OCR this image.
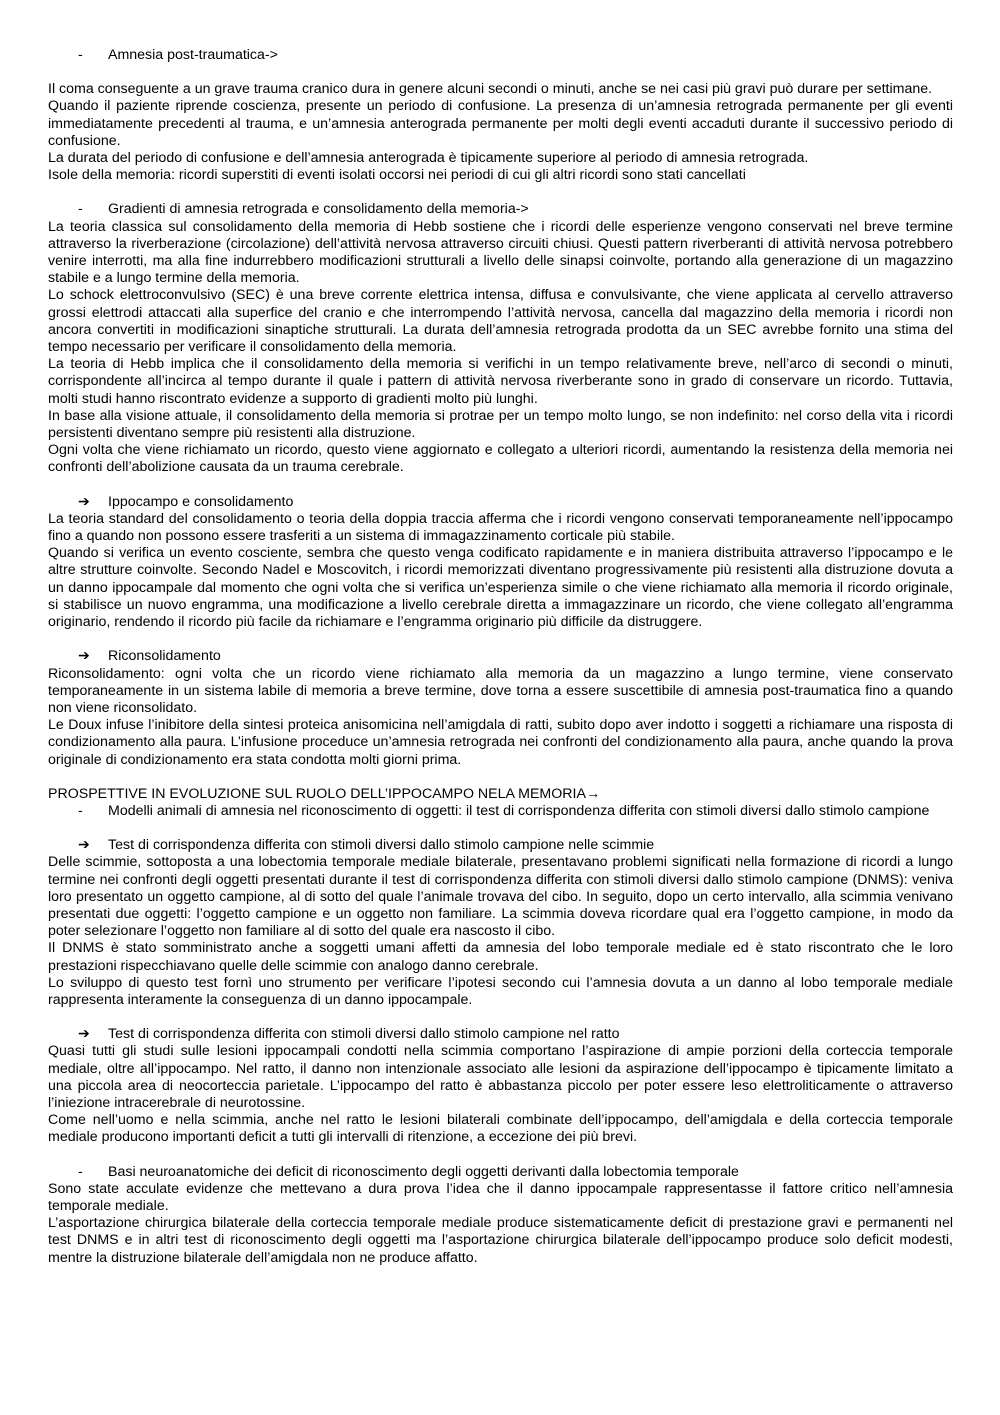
-	Amnesia post-traumatica->

Il coma conseguente a un grave trauma cranico dura in genere alcuni secondi o minuti, anche se nei casi più gravi può durare per settimane.

Quando il paziente riprende coscienza, presente un periodo di confusione. La presenza di un’amnesia retrograda permanente per gli eventi immediatamente precedenti al trauma, e un’amnesia anterograda permanente per molti degli eventi accaduti durante il successivo periodo di confusione.

La durata del periodo di confusione e dell’amnesia anterograda è tipicamente superiore al periodo di amnesia retrograda.

Isole della memoria: ricordi superstiti di eventi isolati occorsi nei periodi di cui gli altri ricordi sono stati cancellati

-	Gradienti di amnesia retrograda e consolidamento della memoria->

La teoria classica sul consolidamento della memoria di Hebb sostiene che i ricordi delle esperienze vengono conservati nel breve termine attraverso la riverberazione (circolazione) dell’attività nervosa attraverso circuiti chiusi. Questi pattern riverberanti di attività nervosa potrebbero venire interrotti, ma alla fine indurrebbero modificazioni strutturali a livello delle sinapsi coinvolte, portando alla generazione di un magazzino stabile e a lungo termine della memoria.

Lo schock elettroconvulsivo (SEC) è una breve corrente elettrica intensa, diffusa e convulsivante, che viene applicata al cervello attraverso grossi elettrodi attaccati alla superfice del cranio e che interrompendo l’attività nervosa, cancella dal magazzino della memoria i ricordi non ancora convertiti in modificazioni sinaptiche strutturali. La durata dell’amnesia retrograda prodotta da un SEC avrebbe fornito una stima del tempo necessario per verificare il consolidamento della memoria.

La teoria di Hebb implica che il consolidamento della memoria si verifichi in un tempo relativamente breve, nell’arco di secondi o minuti, corrispondente all’incirca al tempo durante il quale i pattern di attività nervosa riverberante sono in grado di conservare un ricordo. Tuttavia, molti studi hanno riscontrato evidenze a supporto di gradienti molto più lunghi.

In base alla visione attuale, il consolidamento della memoria si protrae per un tempo molto lungo, se non indefinito: nel corso della vita i ricordi persistenti diventano sempre più resistenti alla distruzione.

Ogni volta che viene richiamato un ricordo, questo viene aggiornato e collegato a ulteriori ricordi, aumentando la resistenza della memoria nei confronti dell’abolizione causata da un trauma cerebrale.

➔	Ippocampo e consolidamento

La teoria standard del consolidamento o teoria della doppia traccia afferma che i ricordi vengono conservati temporaneamente nell’ippocampo fino a quando non possono essere trasferiti a un sistema di immagazzinamento corticale più stabile.

Quando si verifica un evento cosciente, sembra che questo venga codificato rapidamente e in maniera distribuita attraverso l’ippocampo e le altre strutture coinvolte. Secondo Nadel e Moscovitch, i ricordi memorizzati diventano progressivamente più resistenti alla distruzione dovuta a un danno ippocampale dal momento che ogni volta che si verifica un’esperienza simile o che viene richiamato alla memoria il ricordo originale, si stabilisce un nuovo engramma, una modificazione a livello cerebrale diretta a immagazzinare un ricordo, che viene collegato all’engramma originario, rendendo il ricordo più facile da richiamare e l’engramma originario più difficile da distruggere.

➔	Riconsolidamento

Riconsolidamento: ogni volta che un ricordo viene richiamato alla memoria da un magazzino a lungo termine, viene conservato temporaneamente in un sistema labile di memoria a breve termine, dove torna a essere suscettibile di amnesia post-traumatica fino a quando non viene riconsolidato.

Le Doux infuse l’inibitore della sintesi proteica anisomicina nell’amigdala di ratti, subito dopo aver indotto i soggetti a richiamare una risposta di condizionamento alla paura. L’infusione proceduce un’amnesia retrograda nei confronti del condizionamento alla paura, anche quando la prova originale di condizionamento era stata condotta molti giorni prima.

PROSPETTIVE IN EVOLUZIONE SUL RUOLO DELL’IPPOCAMPO NELA MEMORIA→

-	Modelli animali di amnesia nel riconoscimento di oggetti: il test di corrispondenza differita con stimoli diversi dallo stimolo campione
➔	Test di corrispondenza differita con stimoli diversi dallo stimolo campione nelle scimmie

Delle scimmie, sottoposta a una lobectomia temporale mediale bilaterale, presentavano problemi significati nella formazione di ricordi a lungo termine nei confronti degli oggetti presentati durante il test di corrispondenza differita con stimoli diversi dallo stimolo campione (DNMS): veniva loro presentato un oggetto campione, al di sotto del quale l’animale trovava del cibo. In seguito, dopo un certo intervallo, alla scimmia venivano presentati due oggetti: l’oggetto campione e un oggetto non familiare. La scimmia doveva ricordare qual era l’oggetto campione, in modo da poter selezionare l’oggetto non familiare al di sotto del quale era nascosto il cibo.

Il DNMS è stato somministrato anche a soggetti umani affetti da amnesia del lobo temporale mediale ed è stato riscontrato che le loro prestazioni rispecchiavano quelle delle scimmie con analogo danno cerebrale.

Lo sviluppo di questo test fornì uno strumento per verificare l’ipotesi secondo cui l’amnesia dovuta a un danno al lobo temporale mediale rappresenta interamente la conseguenza di un danno ippocampale.

➔	Test di corrispondenza differita con stimoli diversi dallo stimolo campione nel ratto

Quasi tutti gli studi sulle lesioni ippocampali condotti nella scimmia comportano l’aspirazione di ampie porzioni della corteccia temporale mediale, oltre all’ippocampo. Nel ratto, il danno non intenzionale associato alle lesioni da aspirazione dell’ippocampo è tipicamente limitato a una piccola area di neocorteccia parietale. L’ippocampo del ratto è abbastanza piccolo per poter essere leso elettroliticamente o attraverso l’iniezione intracerebrale di neurotossine.

Come nell’uomo e nella scimmia, anche nel ratto le lesioni bilaterali combinate dell’ippocampo, dell’amigdala e della corteccia temporale mediale producono importanti deficit a tutti gli intervalli di ritenzione, a eccezione dei più brevi.

-	Basi neuroanatomiche dei deficit di riconoscimento degli oggetti derivanti dalla lobectomia temporale

Sono state acculate evidenze che mettevano a dura prova l’idea che il danno ippocampale rappresentasse il fattore critico nell’amnesia temporale mediale.

L’asportazione chirurgica bilaterale della corteccia temporale mediale produce sistematicamente deficit di prestazione gravi e permanenti nel test DNMS e in altri test di riconoscimento degli oggetti ma l’asportazione chirurgica bilaterale dell’ippocampo produce solo deficit modesti, mentre la distruzione bilaterale dell’amigdala non ne produce affatto.
